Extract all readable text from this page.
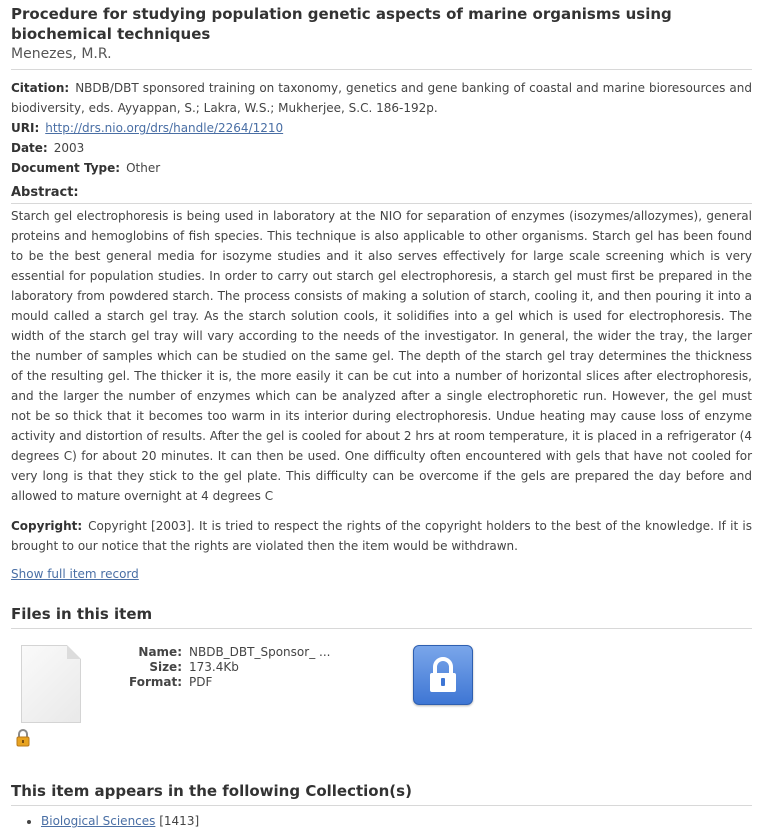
Procedure for studying population genetic aspects of marine organisms using biochemical techniques
Menezes, M.R.
Citation: NBDB/DBT sponsored training on taxonomy, genetics and gene banking of coastal and marine bioresources and biodiversity, eds. Ayyappan, S.; Lakra, W.S.; Mukherjee, S.C. 186-192p.
URI: http://drs.nio.org/drs/handle/2264/1210
Date: 2003
Document Type: Other
Abstract:
Starch gel electrophoresis is being used in laboratory at the NIO for separation of enzymes (isozymes/allozymes), general proteins and hemoglobins of fish species. This technique is also applicable to other organisms. Starch gel has been found to be the best general media for isozyme studies and it also serves effectively for large scale screening which is very essential for population studies. In order to carry out starch gel electrophoresis, a starch gel must first be prepared in the laboratory from powdered starch. The process consists of making a solution of starch, cooling it, and then pouring it into a mould called a starch gel tray. As the starch solution cools, it solidifies into a gel which is used for electrophoresis. The width of the starch gel tray will vary according to the needs of the investigator. In general, the wider the tray, the larger the number of samples which can be studied on the same gel. The depth of the starch gel tray determines the thickness of the resulting gel. The thicker it is, the more easily it can be cut into a number of horizontal slices after electrophoresis, and the larger the number of enzymes which can be analyzed after a single electrophoretic run. However, the gel must not be so thick that it becomes too warm in its interior during electrophoresis. Undue heating may cause loss of enzyme activity and distortion of results. After the gel is cooled for about 2 hrs at room temperature, it is placed in a refrigerator (4 degrees C) for about 20 minutes. It can then be used. One difficulty often encountered with gels that have not cooled for very long is that they stick to the gel plate. This difficulty can be overcome if the gels are prepared the day before and allowed to mature overnight at 4 degrees C
Copyright: Copyright [2003]. It is tried to respect the rights of the copyright holders to the best of the knowledge. If it is brought to our notice that the rights are violated then the item would be withdrawn.
Show full item record
Files in this item
Name: NBDB_DBT_Sponsor_ ...
Size: 173.4Kb
Format: PDF
This item appears in the following Collection(s)
• Biological Sciences [1413]
